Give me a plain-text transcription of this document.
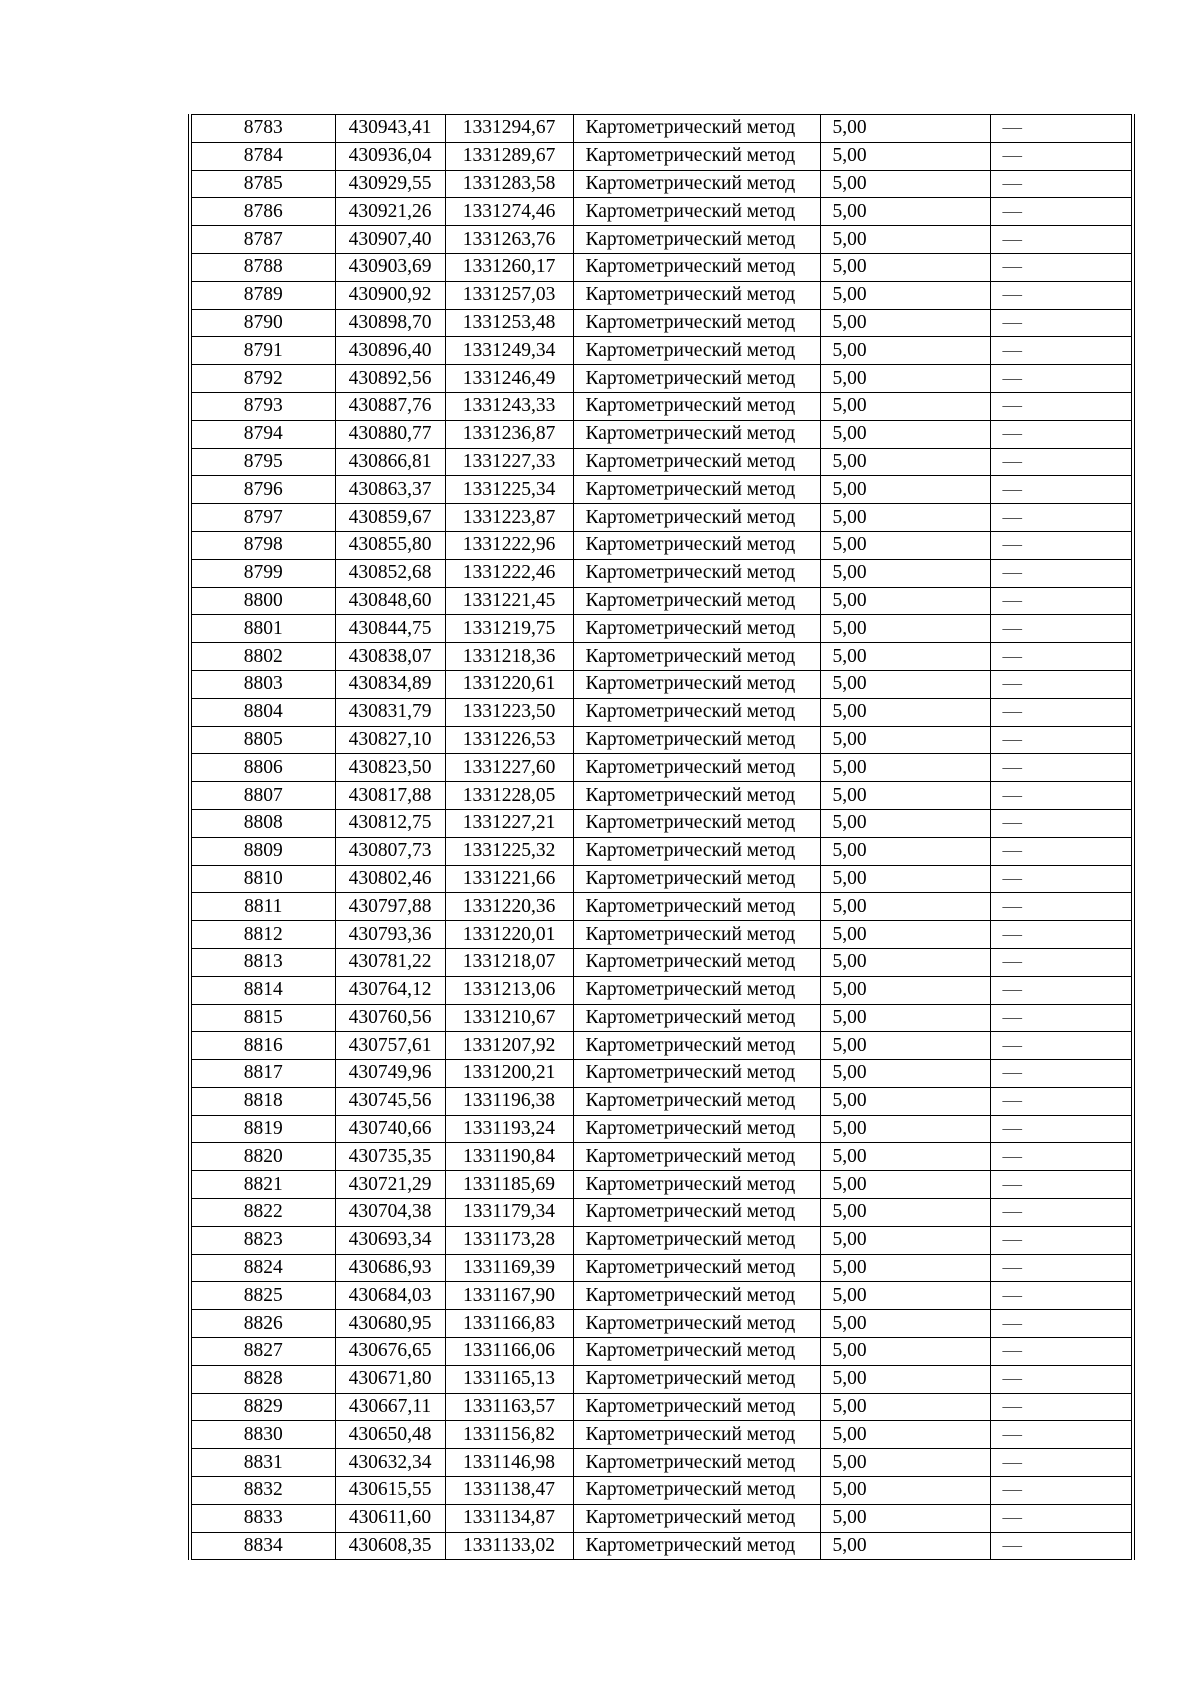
8783	430943,41	1331294,67	Картометрический метод	5,00	—
8784	430936,04	1331289,67	Картометрический метод	5,00	—
8785	430929,55	1331283,58	Картометрический метод	5,00	—
8786	430921,26	1331274,46	Картометрический метод	5,00	—
8787	430907,40	1331263,76	Картометрический метод	5,00	—
8788	430903,69	1331260,17	Картометрический метод	5,00	—
8789	430900,92	1331257,03	Картометрический метод	5,00	—
8790	430898,70	1331253,48	Картометрический метод	5,00	—
8791	430896,40	1331249,34	Картометрический метод	5,00	—
8792	430892,56	1331246,49	Картометрический метод	5,00	—
8793	430887,76	1331243,33	Картометрический метод	5,00	—
8794	430880,77	1331236,87	Картометрический метод	5,00	—
8795	430866,81	1331227,33	Картометрический метод	5,00	—
8796	430863,37	1331225,34	Картометрический метод	5,00	—
8797	430859,67	1331223,87	Картометрический метод	5,00	—
8798	430855,80	1331222,96	Картометрический метод	5,00	—
8799	430852,68	1331222,46	Картометрический метод	5,00	—
8800	430848,60	1331221,45	Картометрический метод	5,00	—
8801	430844,75	1331219,75	Картометрический метод	5,00	—
8802	430838,07	1331218,36	Картометрический метод	5,00	—
8803	430834,89	1331220,61	Картометрический метод	5,00	—
8804	430831,79	1331223,50	Картометрический метод	5,00	—
8805	430827,10	1331226,53	Картометрический метод	5,00	—
8806	430823,50	1331227,60	Картометрический метод	5,00	—
8807	430817,88	1331228,05	Картометрический метод	5,00	—
8808	430812,75	1331227,21	Картометрический метод	5,00	—
8809	430807,73	1331225,32	Картометрический метод	5,00	—
8810	430802,46	1331221,66	Картометрический метод	5,00	—
8811	430797,88	1331220,36	Картометрический метод	5,00	—
8812	430793,36	1331220,01	Картометрический метод	5,00	—
8813	430781,22	1331218,07	Картометрический метод	5,00	—
8814	430764,12	1331213,06	Картометрический метод	5,00	—
8815	430760,56	1331210,67	Картометрический метод	5,00	—
8816	430757,61	1331207,92	Картометрический метод	5,00	—
8817	430749,96	1331200,21	Картометрический метод	5,00	—
8818	430745,56	1331196,38	Картометрический метод	5,00	—
8819	430740,66	1331193,24	Картометрический метод	5,00	—
8820	430735,35	1331190,84	Картометрический метод	5,00	—
8821	430721,29	1331185,69	Картометрический метод	5,00	—
8822	430704,38	1331179,34	Картометрический метод	5,00	—
8823	430693,34	1331173,28	Картометрический метод	5,00	—
8824	430686,93	1331169,39	Картометрический метод	5,00	—
8825	430684,03	1331167,90	Картометрический метод	5,00	—
8826	430680,95	1331166,83	Картометрический метод	5,00	—
8827	430676,65	1331166,06	Картометрический метод	5,00	—
8828	430671,80	1331165,13	Картометрический метод	5,00	—
8829	430667,11	1331163,57	Картометрический метод	5,00	—
8830	430650,48	1331156,82	Картометрический метод	5,00	—
8831	430632,34	1331146,98	Картометрический метод	5,00	—
8832	430615,55	1331138,47	Картометрический метод	5,00	—
8833	430611,60	1331134,87	Картометрический метод	5,00	—
8834	430608,35	1331133,02	Картометрический метод	5,00	—
